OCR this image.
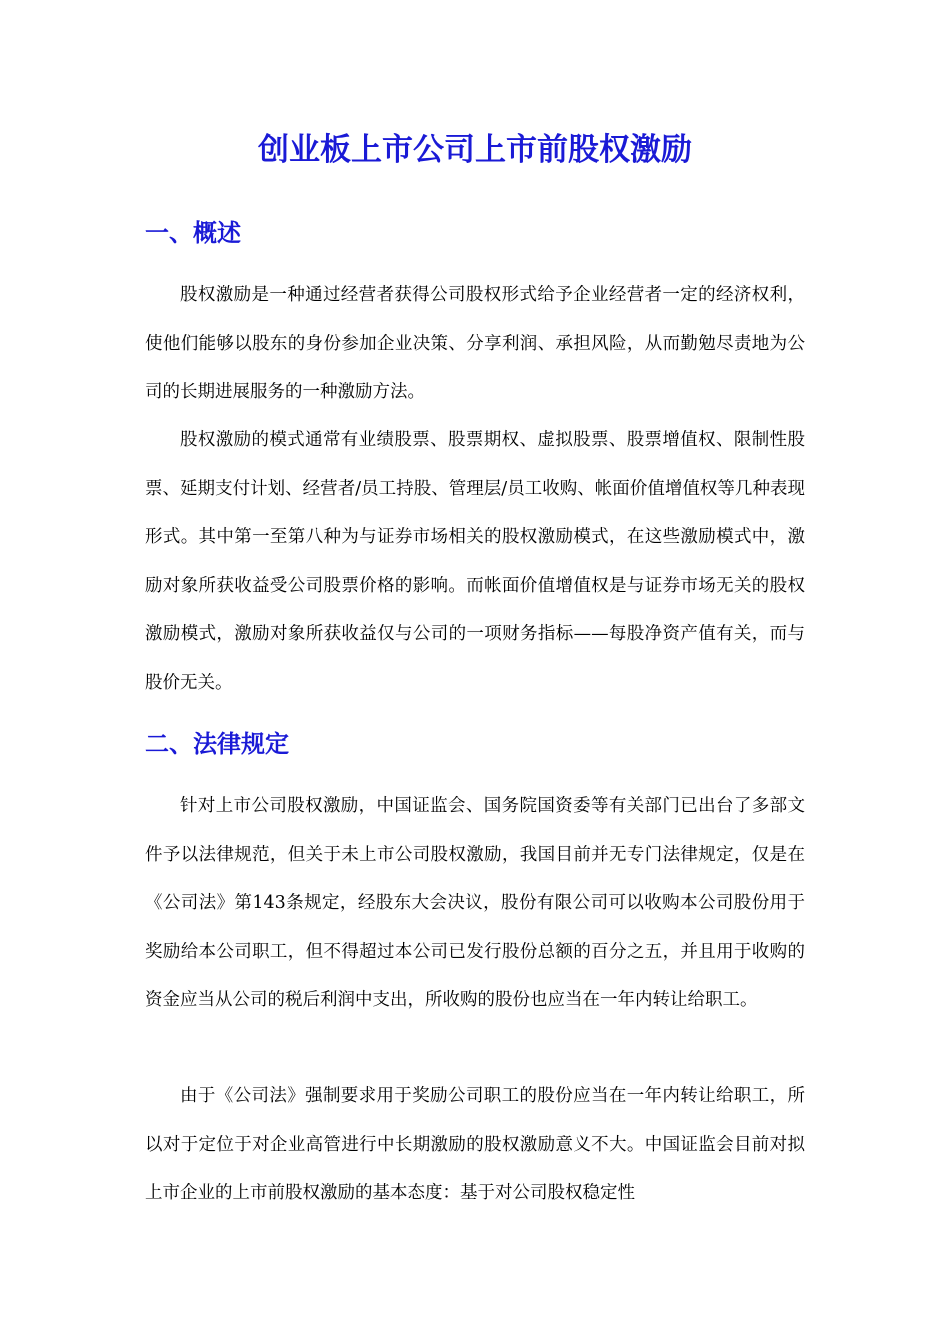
创业板上市公司上市前股权激励
一、概述

股权激励是一种通过经营者获得公司股权形式给予企业经营者一定的经济权利，使他们能够以股东的身份参加企业决策、分享利润、承担风险，从而勤勉尽责地为公司的长期进展服务的一种激励方法。

股权激励的模式通常有业绩股票、股票期权、虚拟股票、股票增值权、限制性股票、延期支付计划、经营者/员工持股、管理层/员工收购、帐面价值增值权等几种表现形式。其中第一至第八种为与证券市场相关的股权激励模式，在这些激励模式中，激励对象所获收益受公司股票价格的影响。而帐面价值增值权是与证券市场无关的股权激励模式，激励对象所获收益仅与公司的一项财务指标——每股净资产值有关，而与股价无关。

二、法律规定

针对上市公司股权激励，中国证监会、国务院国资委等有关部门已出台了多部文件予以法律规范，但关于未上市公司股权激励，我国目前并无专门法律规定，仅是在《公司法》第143条规定，经股东大会决议，股份有限公司可以收购本公司股份用于奖励给本公司职工，但不得超过本公司已发行股份总额的百分之五，并且用于收购的资金应当从公司的税后利润中支出，所收购的股份也应当在一年内转让给职工。

由于《公司法》强制要求用于奖励公司职工的股份应当在一年内转让给职工，所以对于定位于对企业高管进行中长期激励的股权激励意义不大。中国证监会目前对拟上市企业的上市前股权激励的基本态度：基于对公司股权稳定性
